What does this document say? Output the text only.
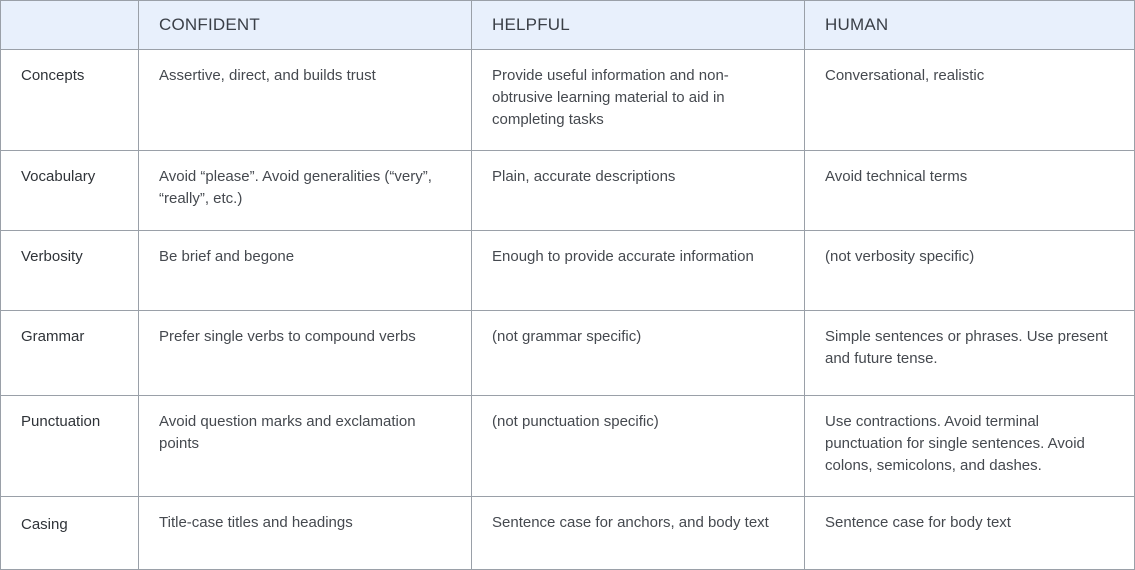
	CONFIDENT	HELPFUL	HUMAN
Concepts	Assertive, direct, and builds trust	Provide useful information and non-obtrusive learning material to aid in completing tasks	Conversational, realistic
Vocabulary	Avoid “please”. Avoid generalities (“very”, “really”, etc.)	Plain, accurate descriptions	Avoid technical terms
Verbosity	Be brief and begone	Enough to provide accurate information	(not verbosity specific)
Grammar	Prefer single verbs to compound verbs	(not grammar specific)	Simple sentences or phrases. Use present and future tense.
Punctuation	Avoid question marks and exclamation points	(not punctuation specific)	Use contractions. Avoid terminal punctuation for single sentences. Avoid colons, semicolons, and dashes.
Casing	Title-case titles and headings	Sentence case for anchors, and body text	Sentence case for body text
